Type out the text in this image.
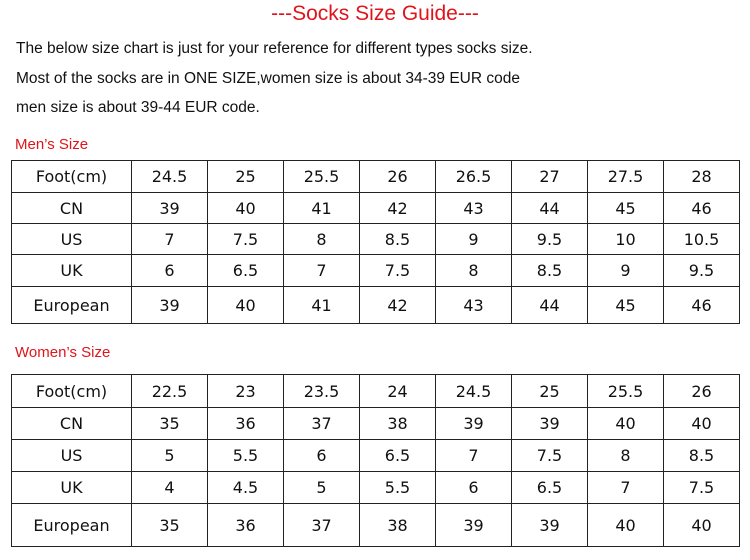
---Socks Size Guide---
The below size chart is just for your reference for different types socks size.
Most of the socks are in ONE SIZE,women size is about 34-39 EUR code
men size is about 39-44 EUR code.
Men’s Size
Foot(cm)	24.5	25	25.5	26	26.5	27	27.5	28
CN	39	40	41	42	43	44	45	46
US	7	7.5	8	8.5	9	9.5	10	10.5
UK	6	6.5	7	7.5	8	8.5	9	9.5
European	39	40	41	42	43	44	45	46
Women’s Size
Foot(cm)	22.5	23	23.5	24	24.5	25	25.5	26
CN	35	36	37	38	39	39	40	40
US	5	5.5	6	6.5	7	7.5	8	8.5
UK	4	4.5	5	5.5	6	6.5	7	7.5
European	35	36	37	38	39	39	40	40
